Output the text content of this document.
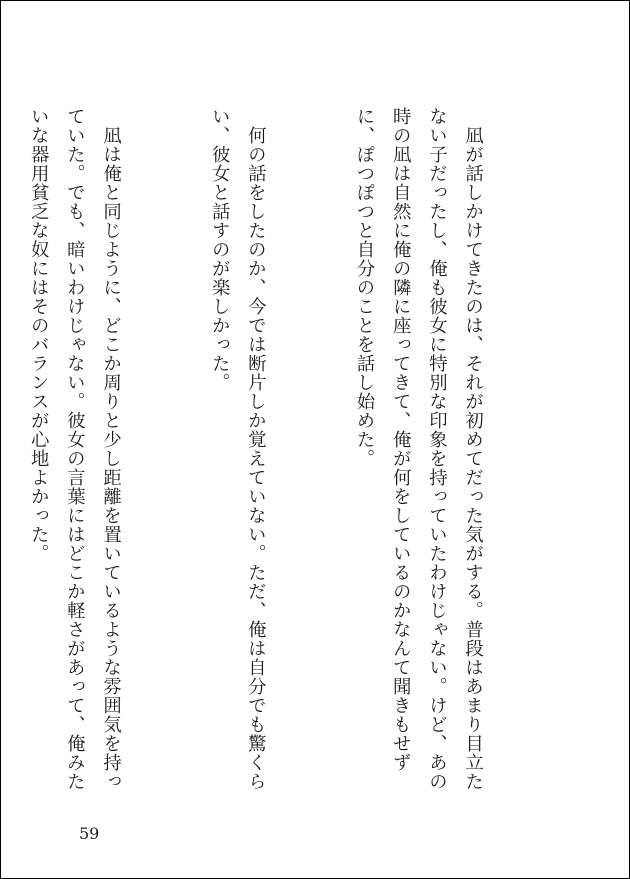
　凪が話しかけてきたのは、それが初めてだった気がする。普段はあまり目立たない子だったし、俺も彼女に特別な印象を持っていたわけじゃない。けど、あの時の凪は自然に俺の隣に座ってきて、俺が何をしているのかなんて聞きもせずに、ぽつぽつと自分のことを話し始めた。

　何の話をしたのか、今では断片しか覚えていない。ただ、俺は自分でも驚くらい、彼女と話すのが楽しかった。

　凪は俺と同じように、どこか周りと少し距離を置いているような雰囲気を持っていた。でも、暗いわけじゃない。彼女の言葉にはどこか軽さがあって、俺みたいな器用貧乏な奴にはそのバランスが心地よかった。

59
